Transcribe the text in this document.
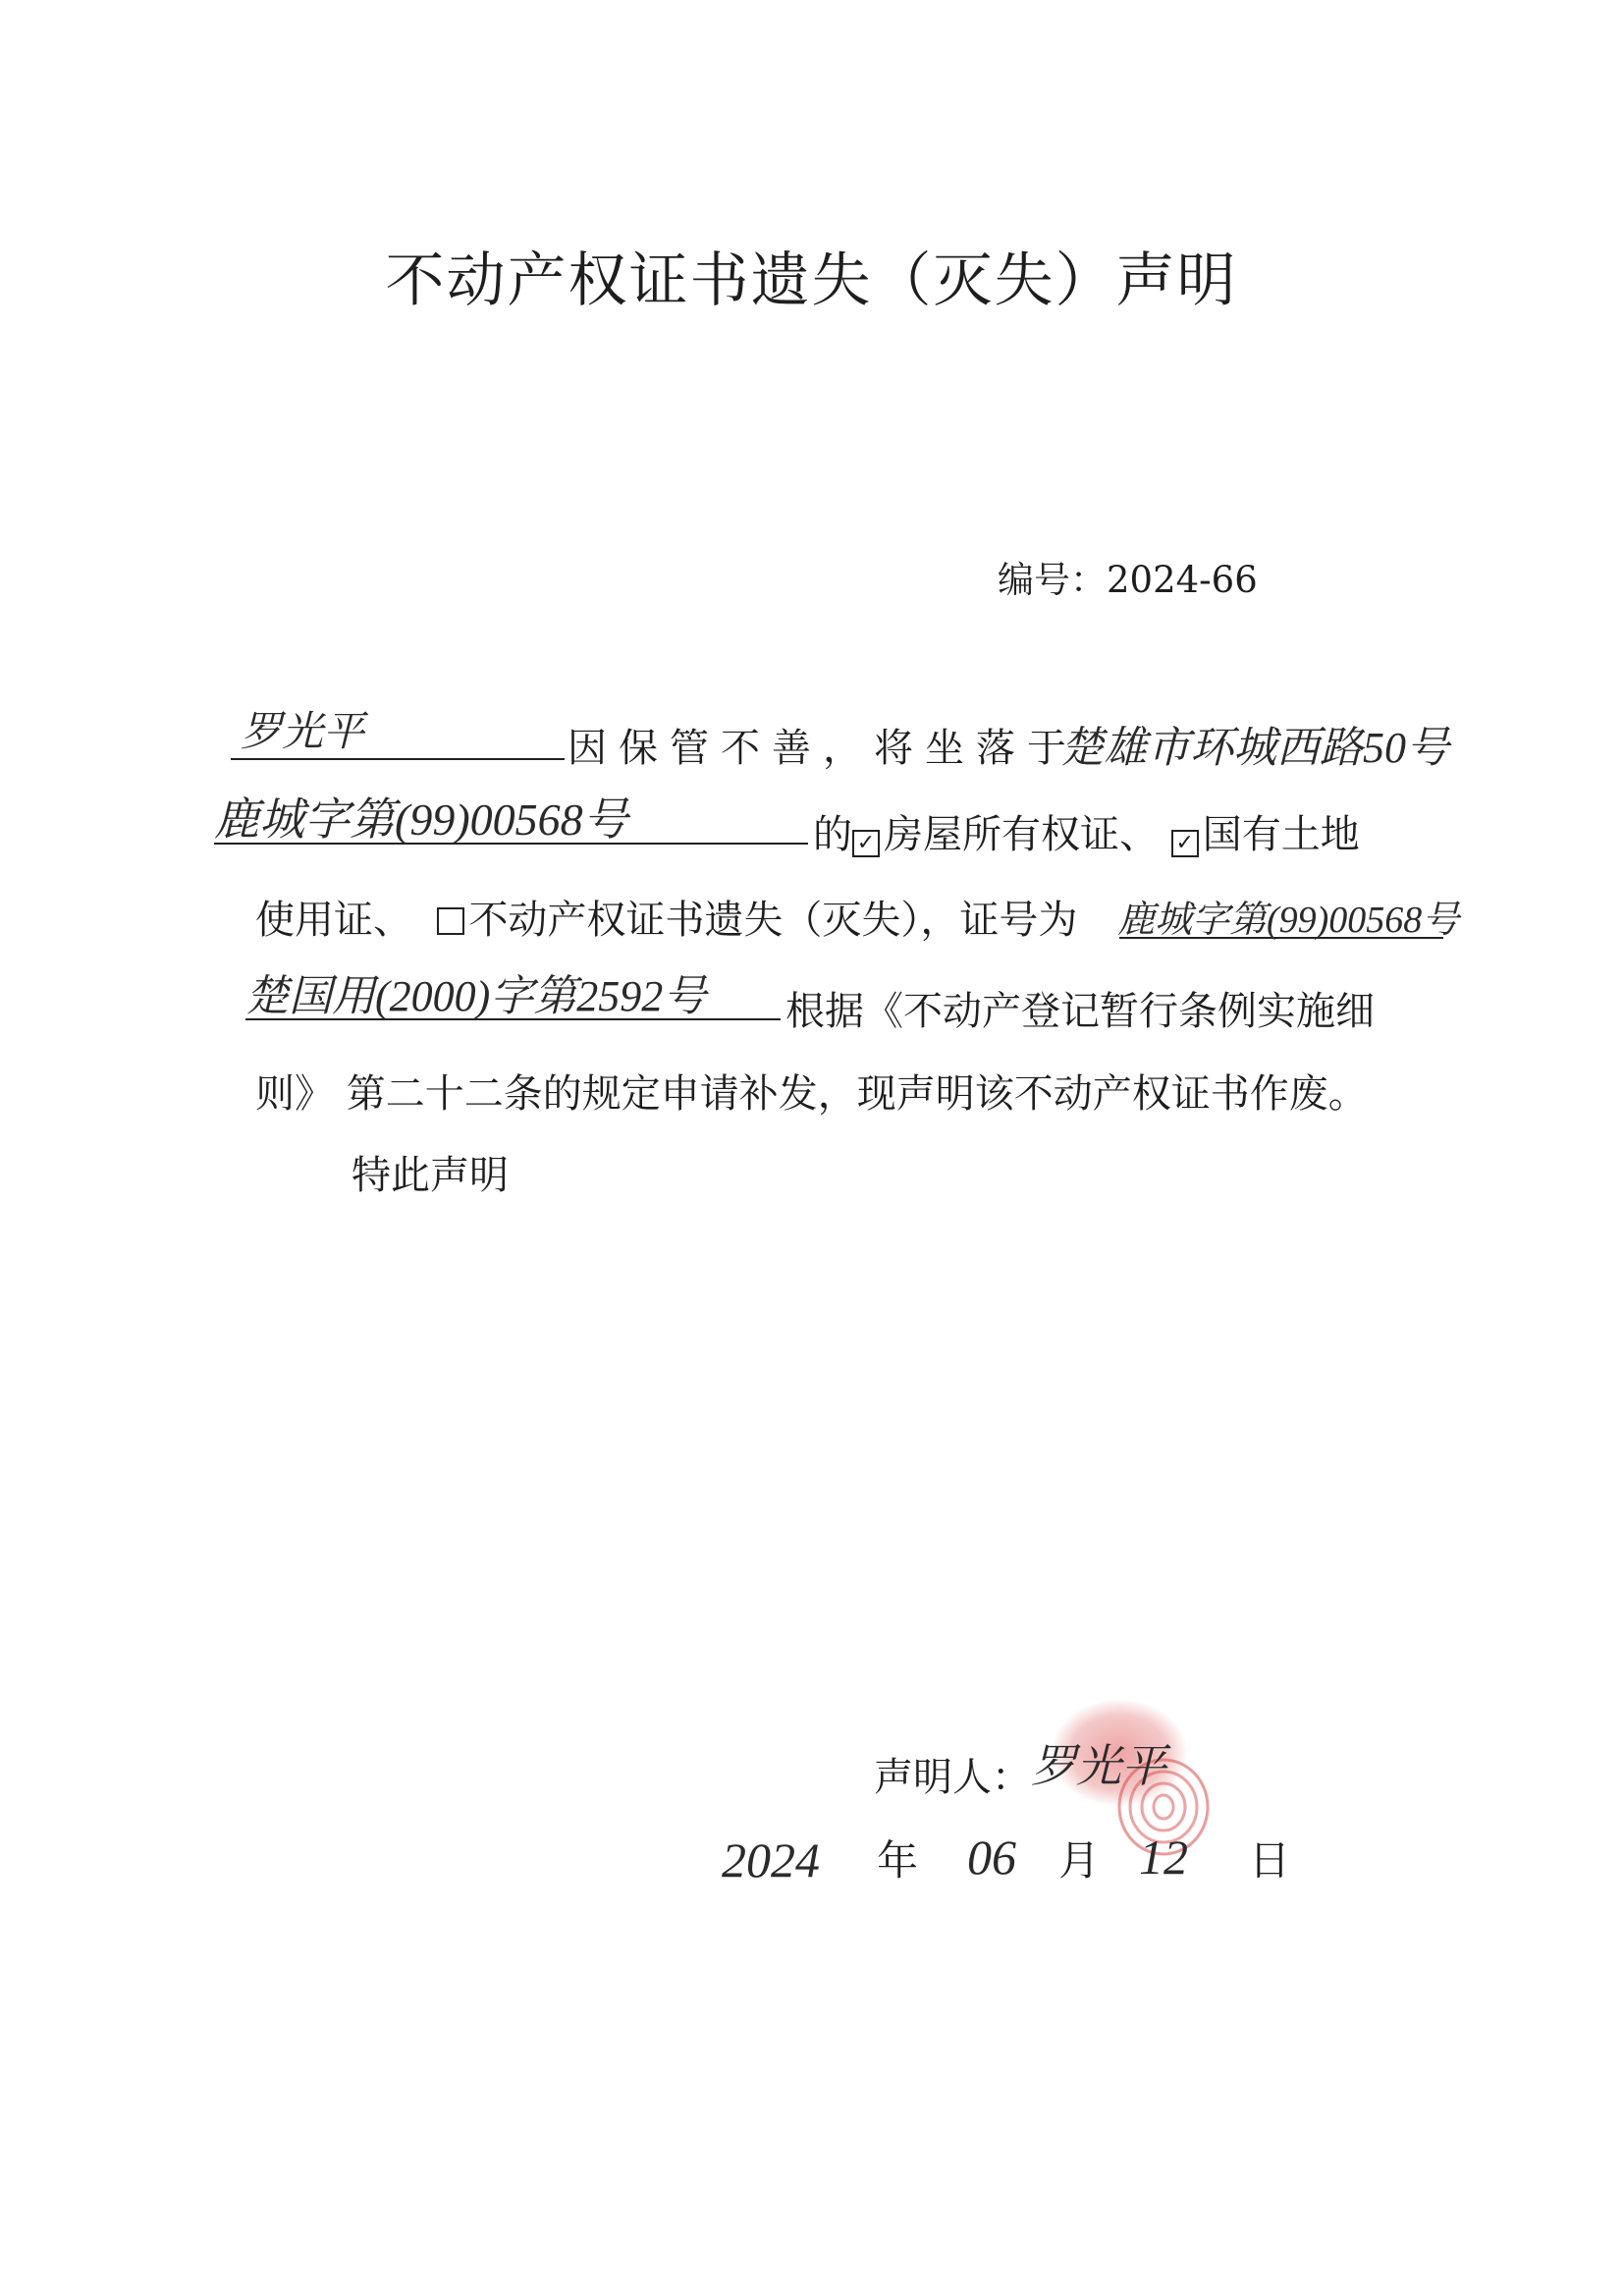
不动产权证书遗失（灭失）声明
编号：2024-66
罗光平	因保管不善，将坐落于
楚雄市环城西路50号
鹿城字第(99)00568号	的 ✓ 房屋所有权证、 ✓ 国有土地
使用证、 不动产权证书遗失（灭失），证号为 鹿城字第(99)00568号
楚国用(2000)字第2592号 根据《不动产登记暂行条例实施细
则》 第二十二条的规定申请补发，现声明该不动产权证书作废。
特此声明
声明人： 罗光平
2024 年 06 月 12 日
